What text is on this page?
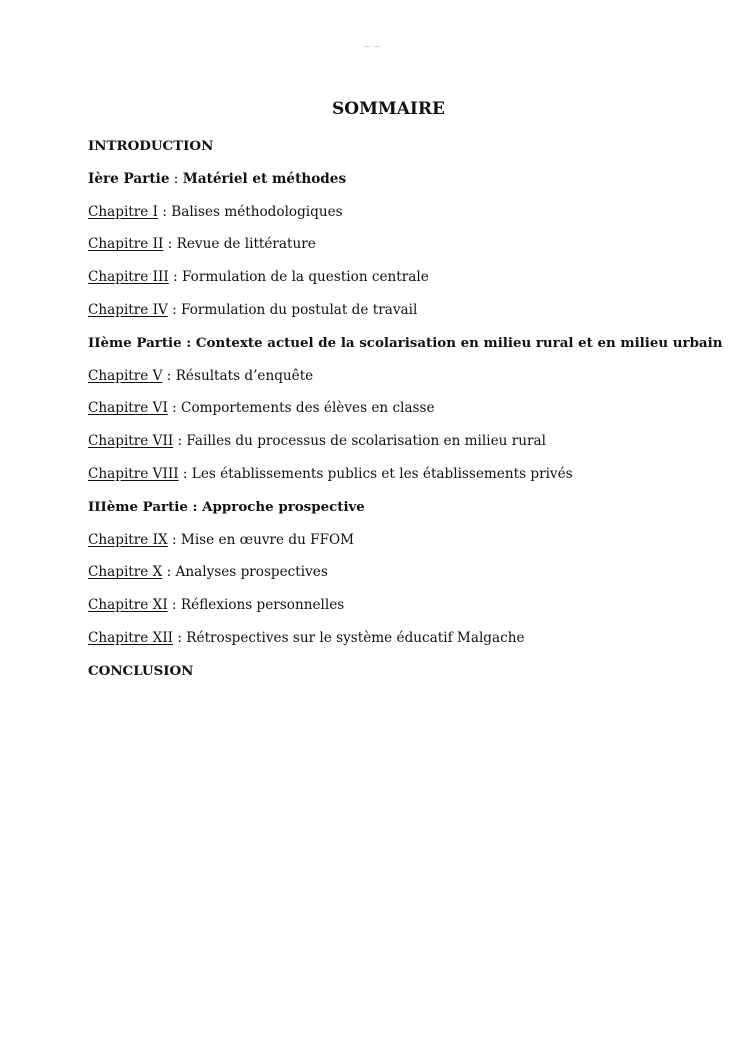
— —
SOMMAIRE
INTRODUCTION
Ière Partie : Matériel et méthodes
Chapitre I : Balises méthodologiques
Chapitre II : Revue de littérature
Chapitre III : Formulation de la question centrale
Chapitre IV : Formulation du postulat de travail
IIème Partie : Contexte actuel de la scolarisation en milieu rural et en milieu urbain
Chapitre V : Résultats d’enquête
Chapitre VI : Comportements des élèves en classe
Chapitre VII : Failles du processus de scolarisation en milieu rural
Chapitre VIII : Les établissements publics et les établissements privés
IIIème Partie : Approche prospective
Chapitre IX : Mise en œuvre du FFOM
Chapitre X : Analyses prospectives
Chapitre XI : Réflexions personnelles
Chapitre XII : Rétrospectives sur le système éducatif Malgache
CONCLUSION
